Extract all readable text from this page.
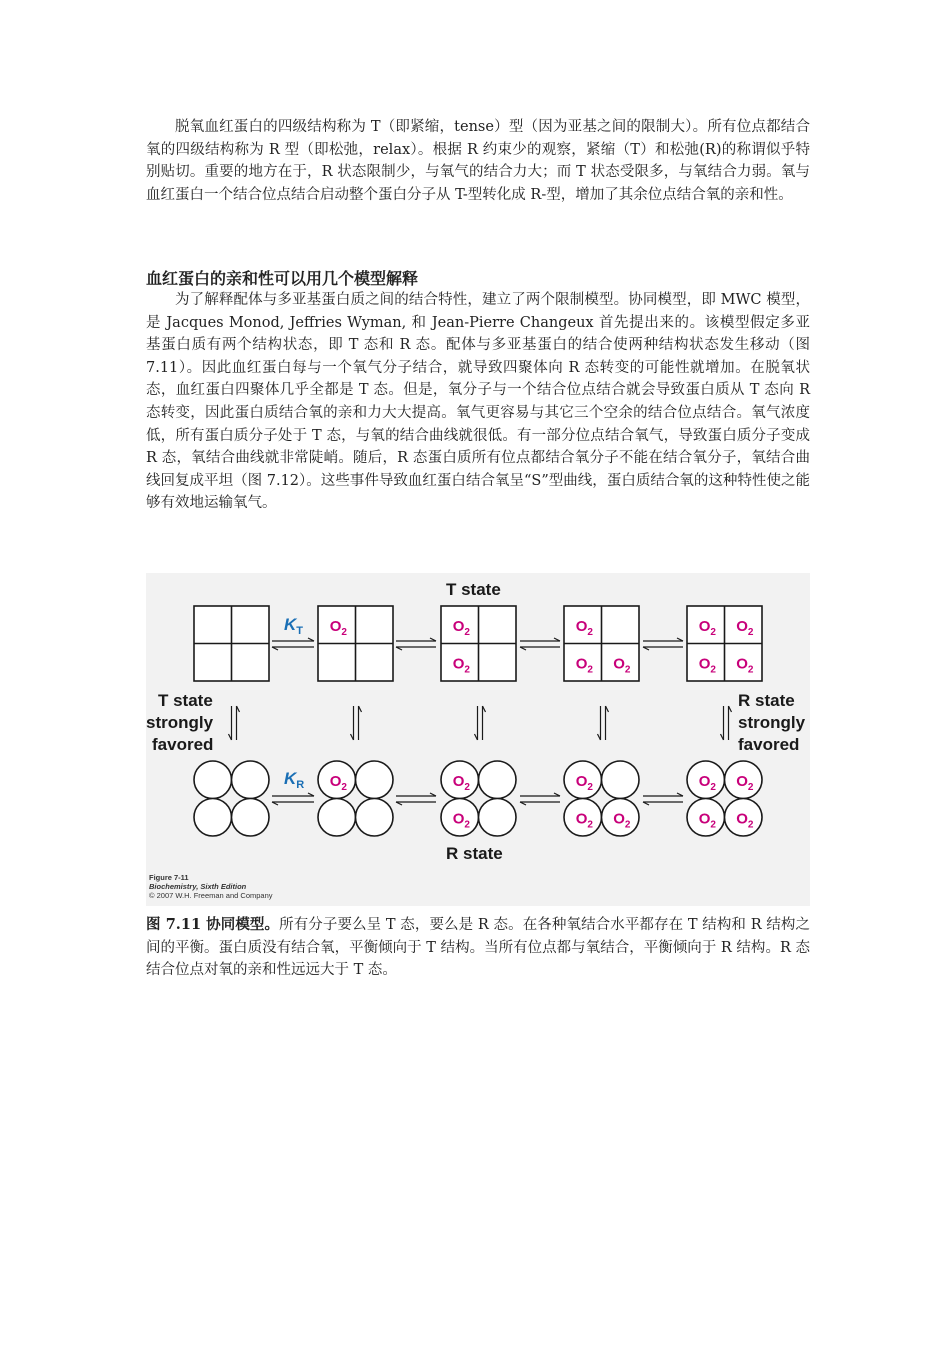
脱氧血红蛋白的四级结构称为 T（即紧缩，tense）型（因为亚基之间的限制大）。所有位点都结合氧的四级结构称为 R 型（即松弛，relax）。根据 R 约束少的观察，紧缩（T）和松弛(R)的称谓似乎特别贴切。重要的地方在于，R 状态限制少，与氧气的结合力大；而 T 状态受限多，与氧结合力弱。氧与血红蛋白一个结合位点结合启动整个蛋白分子从 T-型转化成 R-型，增加了其余位点结合氧的亲和性。

血红蛋白的亲和性可以用几个模型解释

为了解释配体与多亚基蛋白质之间的结合特性，建立了两个限制模型。协同模型，即 MWC 模型，是 Jacques Monod, Jeffries Wyman, 和 Jean-Pierre Changeux 首先提出来的。该模型假定多亚基蛋白质有两个结构状态，即 T 态和 R 态。配体与多亚基蛋白的结合使两种结构状态发生移动（图 7.11）。因此血红蛋白每与一个氧气分子结合，就导致四聚体向 R 态转变的可能性就增加。在脱氧状态，血红蛋白四聚体几乎全都是 T 态。但是，氧分子与一个结合位点结合就会导致蛋白质从 T 态向 R 态转变，因此蛋白质结合氧的亲和力大大提高。氧气更容易与其它三个空余的结合位点结合。氧气浓度低，所有蛋白质分子处于 T 态，与氧的结合曲线就很低。有一部分位点结合氧气，导致蛋白质分子变成 R 态，氧结合曲线就非常陡峭。随后，R 态蛋白质所有位点都结合氧分子不能在结合氧分子，氧结合曲线回复成平坦（图 7.12）。这些事件导致血红蛋白结合氧呈“S”型曲线，蛋白质结合氧的这种特性使之能够有效地运输氧气。

T state
R state
$O_2$	$O_2$
$O_2$
$O_2$
$O_2$ $O_2$
$O_2$ $O_2$
$O_2$ $O_2$
$O_2$	$O_2$
$O_2$
$O_2$
$O_2$ $O_2$
$O_2$ $O_2$
$O_2$ $O_2$
$K_T$
$K_R$
T state
strongly
favored
R state
strongly
favored
Figure 7-11
Biochemistry, Sixth Edition
© 2007 W.H. Freeman and Company

图 7.11 协同模型。所有分子要么呈 T 态，要么是 R 态。在各种氧结合水平都存在 T 结构和 R 结构之间的平衡。蛋白质没有结合氧，平衡倾向于 T 结构。当所有位点都与氧结合，平衡倾向于 R 结构。R 态结合位点对氧的亲和性远远大于 T 态。
